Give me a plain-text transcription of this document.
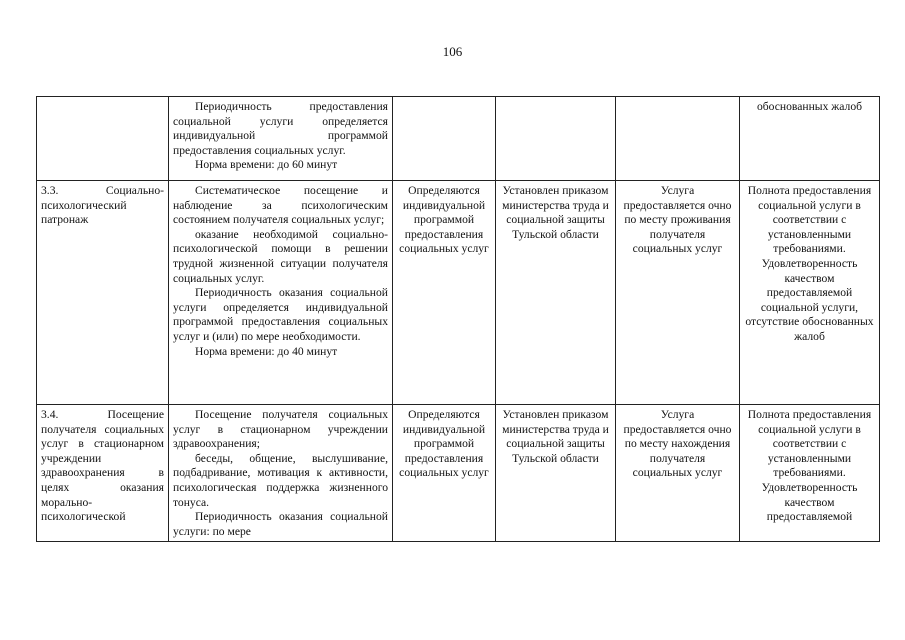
106

	Периодичность предоставления социальной услуги определяется индивидуальной программой предоставления социальных услуг.

Норма времени: до 60 минут				обоснованных жалоб
3.3. Социально-психологический патронаж	Систематическое посещение и наблюдение за психологическим состоянием получателя социальных услуг;

оказание необходимой социально-психологической помощи в решении трудной жизненной ситуации получателя социальных услуг.

Периодичность оказания социальной услуги определяется индивидуальной программой предоставления социальных услуг и (или) по мере необходимости.

Норма времени: до 40 минут	Определяются индивидуальной программой предоставления социальных услуг	Установлен приказом министерства труда и социальной защиты Тульской области	Услуга предоставляется очно по месту проживания получателя социальных услуг	Полнота предоставления социальной услуги в соответствии с установленными требованиями. Удовлетворенность качеством предоставляемой социальной услуги, отсутствие обоснованных жалоб
3.4. Посещение получателя социальных услуг в стационарном учреждении здравоохранения в целях оказания морально-психологической	Посещение получателя социальных услуг в стационарном учреждении здравоохранения;

беседы, общение, выслушивание, подбадривание, мотивация к активности, психологическая поддержка жизненного тонуса.

Периодичность оказания социальной услуги: по мере	Определяются индивидуальной программой предоставления социальных услуг	Установлен приказом министерства труда и социальной защиты Тульской области	Услуга предоставляется очно по месту нахождения получателя социальных услуг	Полнота предоставления социальной услуги в соответствии с установленными требованиями. Удовлетворенность качеством предоставляемой
